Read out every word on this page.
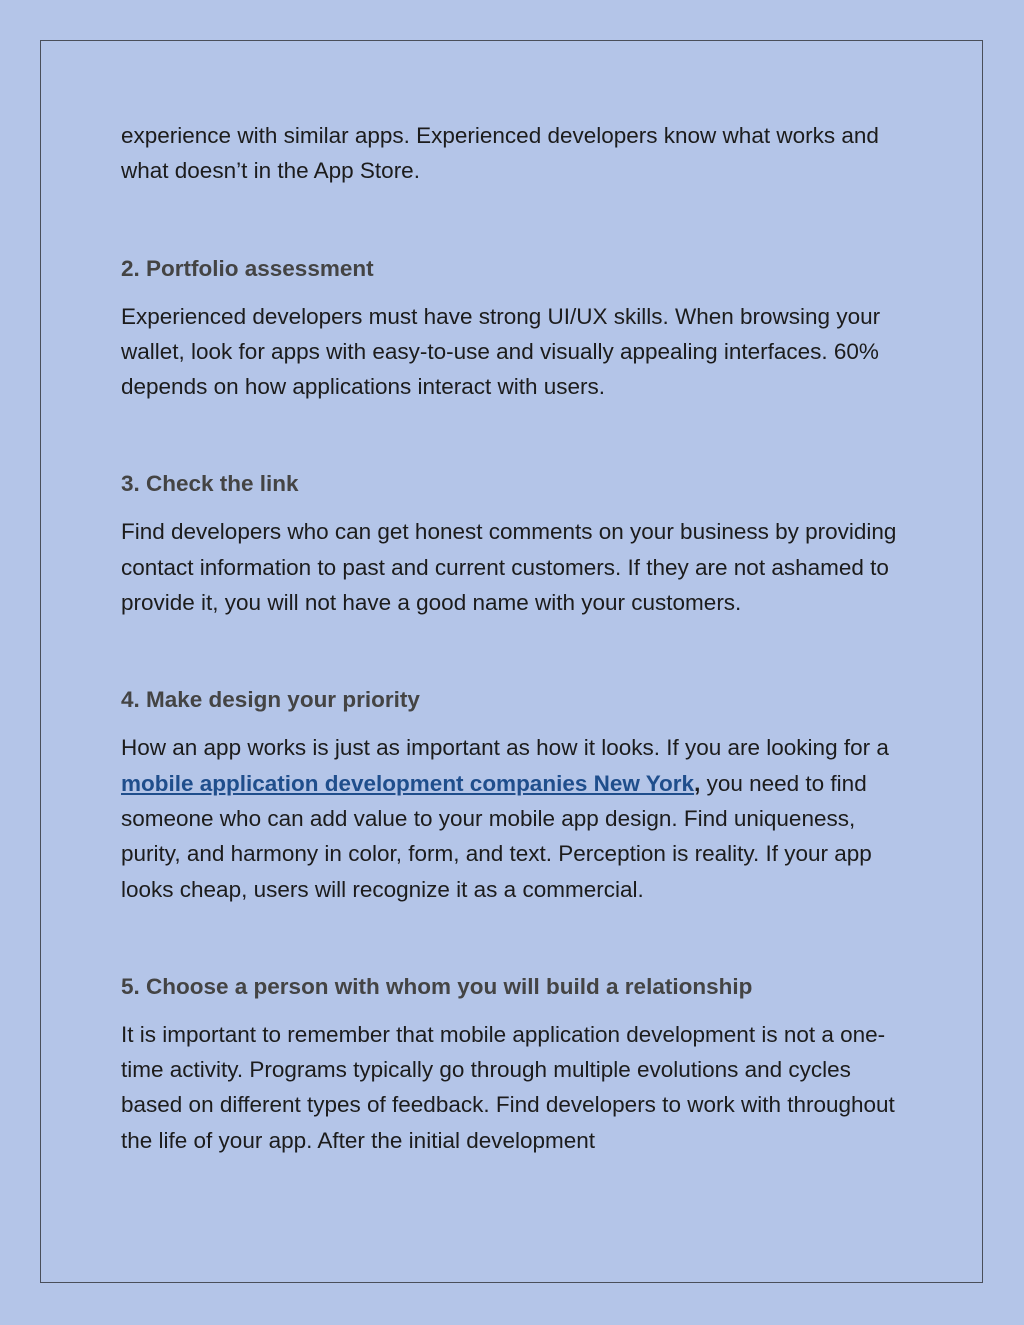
experience with similar apps. Experienced developers know what works and what doesn’t in the App Store.

2. Portfolio assessment

Experienced developers must have strong UI/UX skills. When browsing your wallet, look for apps with easy-to-use and visually appealing interfaces. 60% depends on how applications interact with users.

3. Check the link

Find developers who can get honest comments on your business by providing contact information to past and current customers. If they are not ashamed to provide it, you will not have a good name with your customers.

4. Make design your priority

How an app works is just as important as how it looks. If you are looking for a mobile application development companies New York, you need to find someone who can add value to your mobile app design. Find uniqueness, purity, and harmony in color, form, and text. Perception is reality. If your app looks cheap, users will recognize it as a commercial.

5. Choose a person with whom you will build a relationship

It is important to remember that mobile application development is not a one-time activity. Programs typically go through multiple evolutions and cycles based on different types of feedback. Find developers to work with throughout the life of your app. After the initial development
